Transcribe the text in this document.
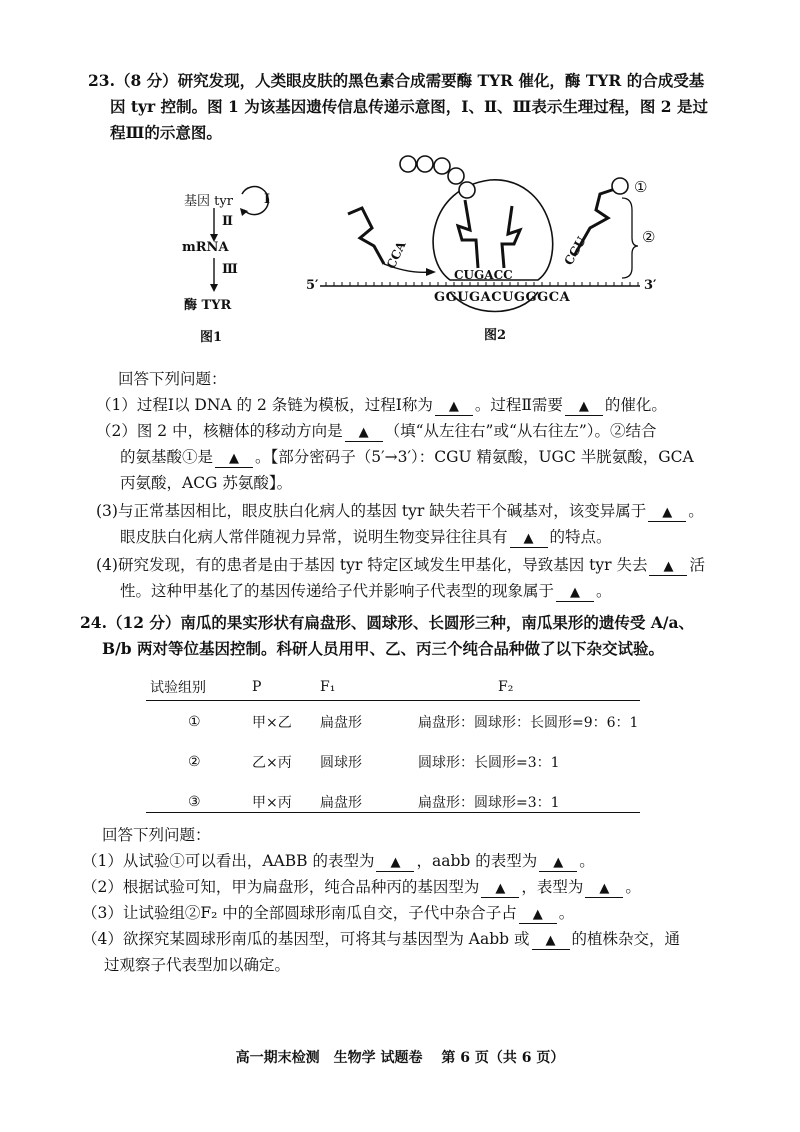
23.（8 分）研究发现，人类眼皮肤的黑色素合成需要酶 TYR 催化，酶 TYR 的合成受基
因 tyr 控制。图 1 为该基因遗传信息传递示意图，Ⅰ、Ⅱ、Ⅲ表示生理过程，图 2 是过
程Ⅲ的示意图。
基因 tyr Ⅰ
Ⅱ
mRNA
Ⅲ
酶 TYR
图1
5′	3′
GGUGACUGGGCA
CCA
CUGACC
CGU
①
②
图2
回答下列问题：
（1）过程Ⅰ以 DNA 的 2 条链为模板，过程Ⅰ称为 ▲ 。过程Ⅱ需要 ▲ 的催化。
（2）图 2 中，核糖体的移动方向是 ▲ （填“从左往右”或“从右往左”）。②结合
的氨基酸①是 ▲ 。【部分密码子（5′→3′）：CGU 精氨酸，UGC 半胱氨酸，GCA
丙氨酸，ACG 苏氨酸】。
(3)与正常基因相比，眼皮肤白化病人的基因 tyr 缺失若干个碱基对，该变异属于 ▲ 。
眼皮肤白化病人常伴随视力异常，说明生物变异往往具有 ▲ 的特点。
(4)研究发现，有的患者是由于基因 tyr 特定区域发生甲基化，导致基因 tyr 失去 ▲ 活
性。这种甲基化了的基因传递给子代并影响子代表型的现象属于 ▲ 。
24.（12 分）南瓜的果实形状有扁盘形、圆球形、长圆形三种，南瓜果形的遗传受 A/a、
B/b 两对等位基因控制。科研人员用甲、乙、丙三个纯合品种做了以下杂交试验。
试验组别	P	F₁	F₂
①	甲×乙	扁盘形	扁盘形：圆球形：长圆形=9：6：1
②	乙×丙	圆球形	圆球形：长圆形=3：1
③	甲×丙	扁盘形	扁盘形：圆球形=3：1
回答下列问题：
（1）从试验①可以看出，AABB 的表型为 ▲ ，aabb 的表型为 ▲ 。
（2）根据试验可知，甲为扁盘形，纯合品种丙的基因型为 ▲ ，表型为 ▲ 。
（3）让试验组②F₂ 中的全部圆球形南瓜自交，子代中杂合子占 ▲ 。
（4）欲探究某圆球形南瓜的基因型，可将其与基因型为 Aabb 或 ▲ 的植株杂交，通
过观察子代表型加以确定。
高一期末检测　生物学 试题卷　 第 6 页（共 6 页）
